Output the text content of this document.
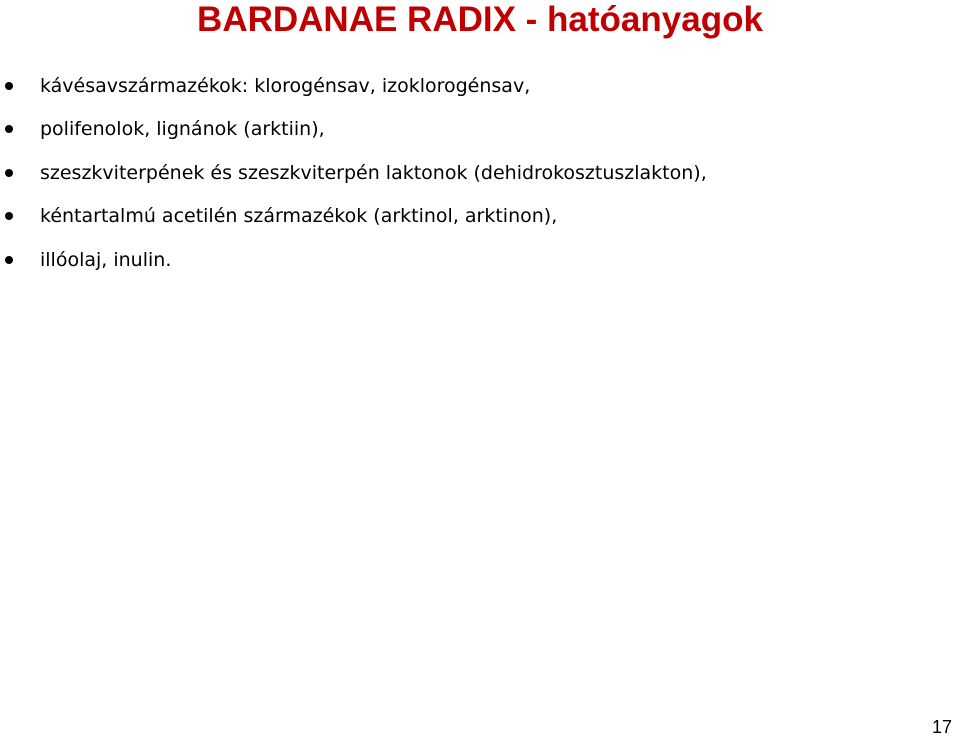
BARDANAE RADIX - hatóanyagok
kávésavszármazékok: klorogénsav, izoklorogénsav,
polifenolok, lignánok (arktiin),
szeszkviterpének és szeszkviterpén laktonok (dehidrokosztuszlakton),
kéntartalmú acetilén származékok (arktinol, arktinon),
illóolaj, inulin.
17
